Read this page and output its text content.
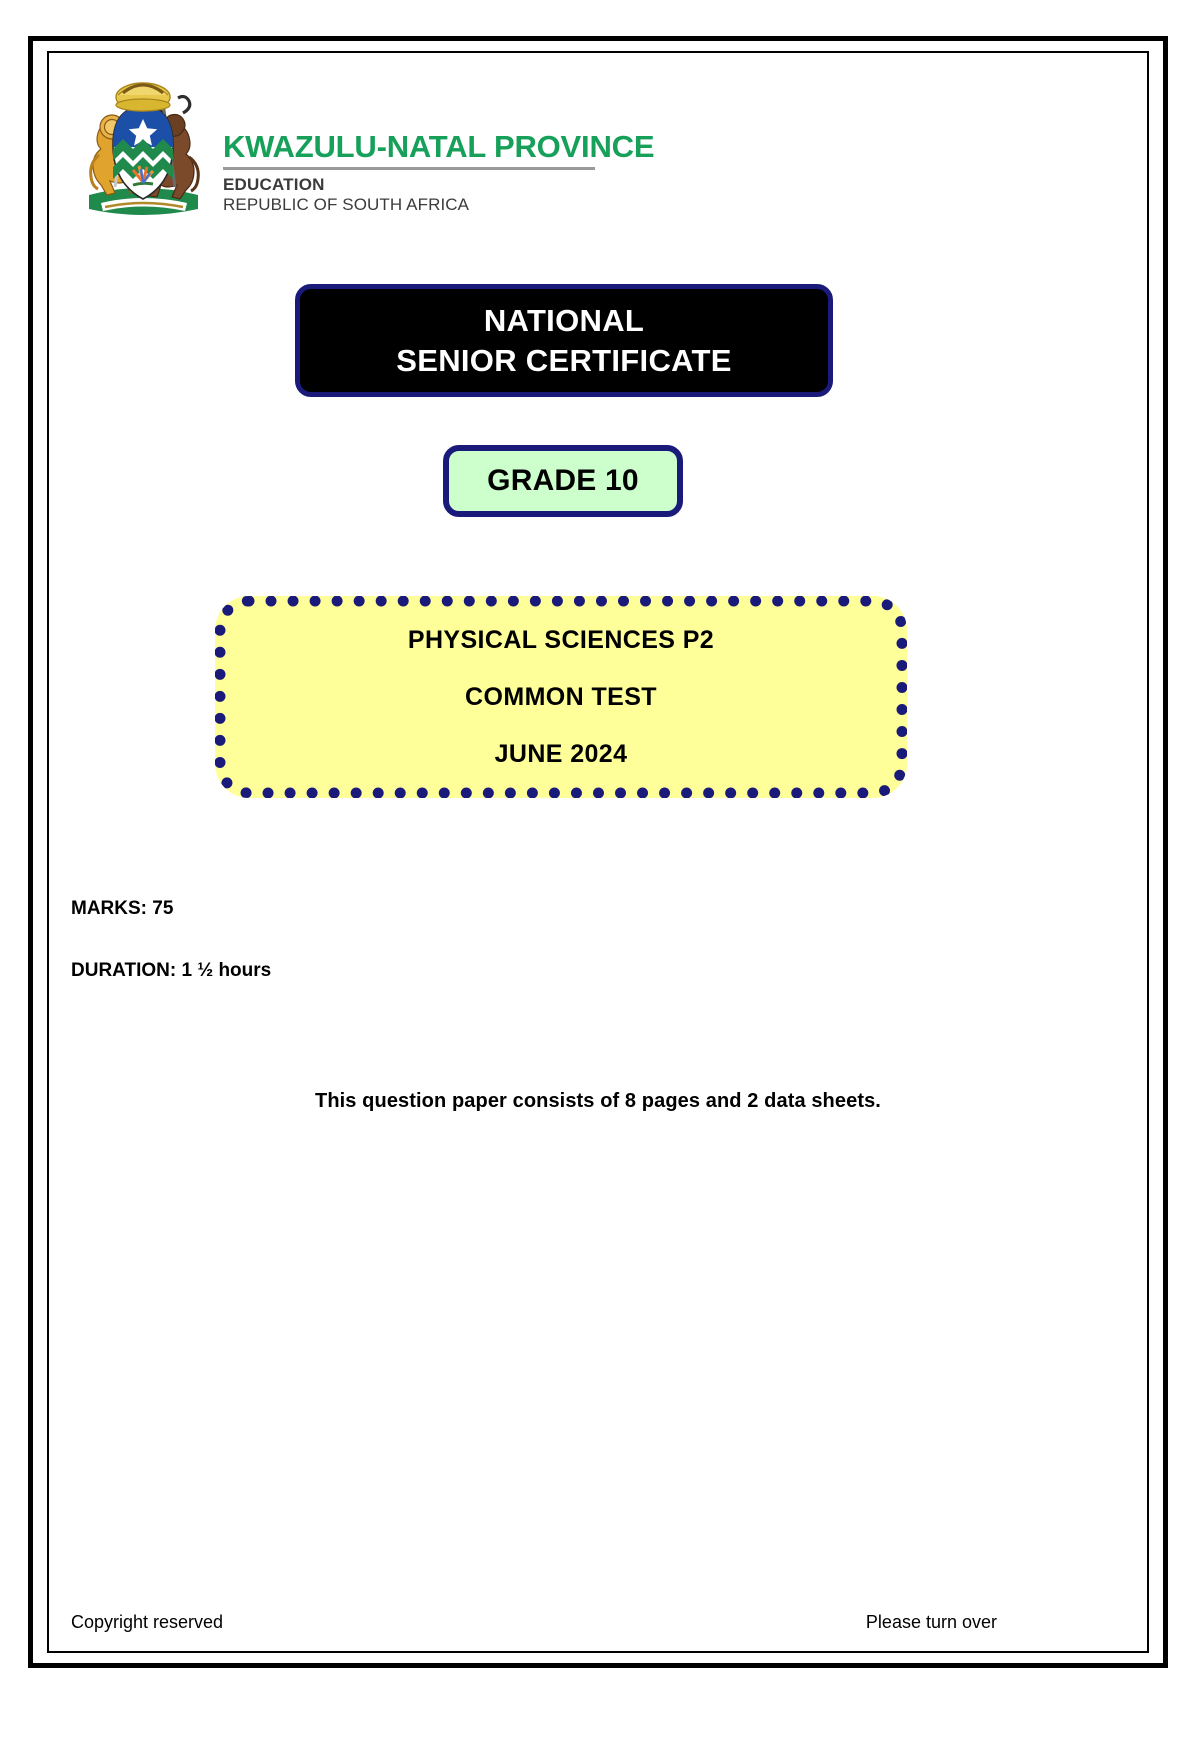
KWAZULU-NATAL PROVINCE
EDUCATION
REPUBLIC OF SOUTH AFRICA
NATIONAL
SENIOR CERTIFICATE
GRADE 10
PHYSICAL SCIENCES P2
COMMON TEST
JUNE 2024
MARKS: 75
DURATION: 1 ½ hours
This question paper consists of 8 pages and 2 data sheets.
Copyright reserved	Please turn over
